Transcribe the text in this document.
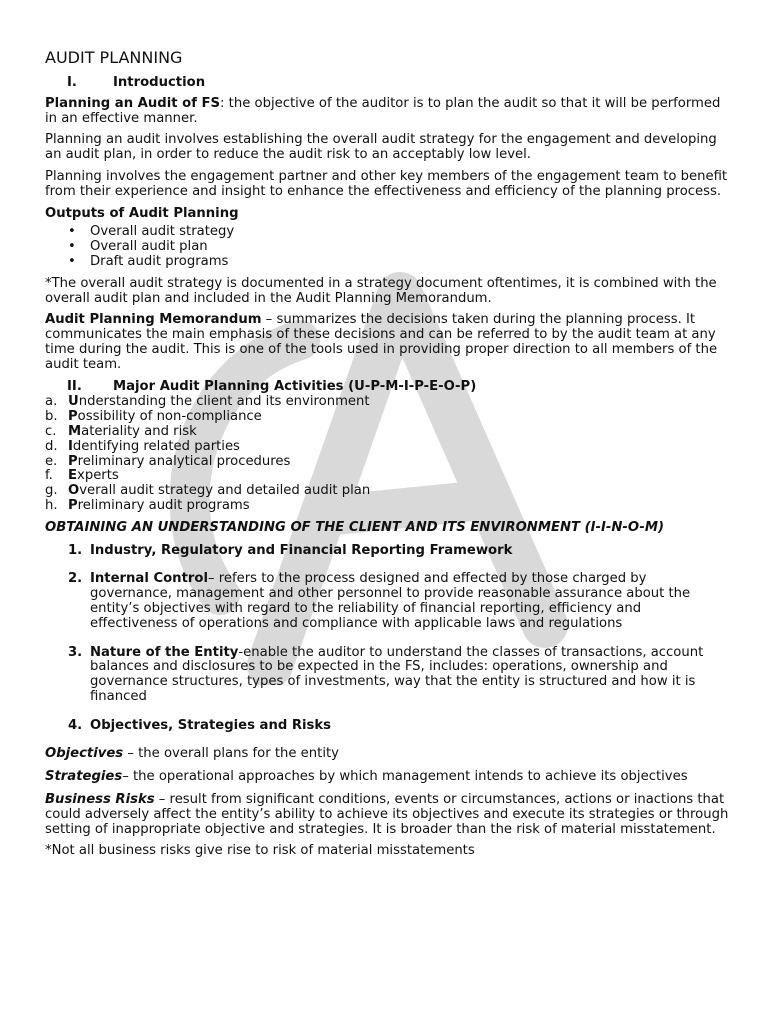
AUDIT PLANNING
I.	Introduction

Planning an Audit of FS: the objective of the auditor is to plan the audit so that it will be performed in an effective manner.

Planning an audit involves establishing the overall audit strategy for the engagement and developing an audit plan, in order to reduce the audit risk to an acceptably low level.

Planning involves the engagement partner and other key members of the engagement team to benefit from their experience and insight to enhance the effectiveness and efficiency of the planning process.

Outputs of Audit Planning
• Overall audit strategy
• Overall audit plan
• Draft audit programs

*The overall audit strategy is documented in a strategy document oftentimes, it is combined with the overall audit plan and included in the Audit Planning Memorandum.

Audit Planning Memorandum – summarizes the decisions taken during the planning process. It communicates the main emphasis of these decisions and can be referred to by the audit team at any time during the audit. This is one of the tools used in providing proper direction to all members of the audit team.

II. Major Audit Planning Activities (U-P-M-I-P-E-O-P)
a. Understanding the client and its environment
b. Possibility of non-compliance
c. Materiality and risk
d. Identifying related parties
e. Preliminary analytical procedures
f. Experts
g. Overall audit strategy and detailed audit plan
h. Preliminary audit programs
OBTAINING AN UNDERSTANDING OF THE CLIENT AND ITS ENVIRONMENT (I-I-N-O-M)
1. Industry, Regulatory and Financial Reporting Framework
2. Internal Control– refers to the process designed and effected by those charged by governance, management and other personnel to provide reasonable assurance about the entity’s objectives with regard to the reliability of financial reporting, efficiency and effectiveness of operations and compliance with applicable laws and regulations
3. Nature of the Entity-enable the auditor to understand the classes of transactions, account balances and disclosures to be expected in the FS, includes: operations, ownership and governance structures, types of investments, way that the entity is structured and how it is financed
4. Objectives, Strategies and Risks

Objectives – the overall plans for the entity

Strategies– the operational approaches by which management intends to achieve its objectives

Business Risks – result from significant conditions, events or circumstances, actions or inactions that could adversely affect the entity’s ability to achieve its objectives and execute its strategies or through setting of inappropriate objective and strategies. It is broader than the risk of material misstatement.

*Not all business risks give rise to risk of material misstatements
